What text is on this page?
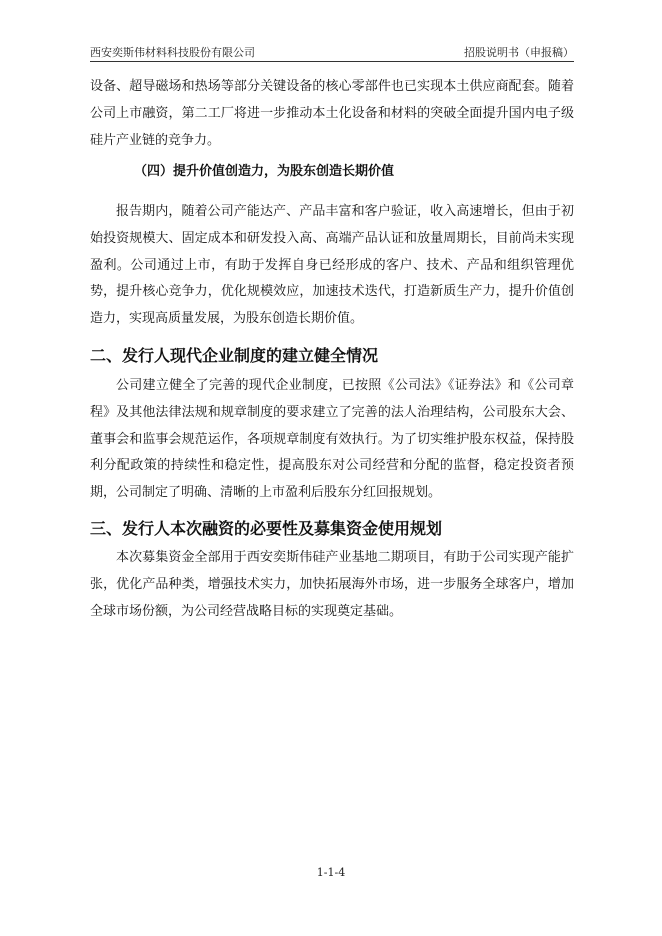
西安奕斯伟材料科技股份有限公司	招股说明书（申报稿）

设备、超导磁场和热场等部分关键设备的核心零部件也已实现本土供应商配套。随着公司上市融资，第二工厂将进一步推动本土化设备和材料的突破全面提升国内电子级硅片产业链的竞争力。

（四）提升价值创造力，为股东创造长期价值

报告期内，随着公司产能达产、产品丰富和客户验证，收入高速增长，但由于初始投资规模大、固定成本和研发投入高、高端产品认证和放量周期长，目前尚未实现盈利。公司通过上市，有助于发挥自身已经形成的客户、技术、产品和组织管理优势，提升核心竞争力，优化规模效应，加速技术迭代，打造新质生产力，提升价值创造力，实现高质量发展，为股东创造长期价值。

二、发行人现代企业制度的建立健全情况

公司建立健全了完善的现代企业制度，已按照《公司法》《证券法》和《公司章程》及其他法律法规和规章制度的要求建立了完善的法人治理结构，公司股东大会、董事会和监事会规范运作，各项规章制度有效执行。为了切实维护股东权益，保持股利分配政策的持续性和稳定性，提高股东对公司经营和分配的监督，稳定投资者预期，公司制定了明确、清晰的上市盈利后股东分红回报规划。

三、发行人本次融资的必要性及募集资金使用规划

本次募集资金全部用于西安奕斯伟硅产业基地二期项目，有助于公司实现产能扩张，优化产品种类，增强技术实力，加快拓展海外市场，进一步服务全球客户，增加全球市场份额，为公司经营战略目标的实现奠定基础。

1-1-4
